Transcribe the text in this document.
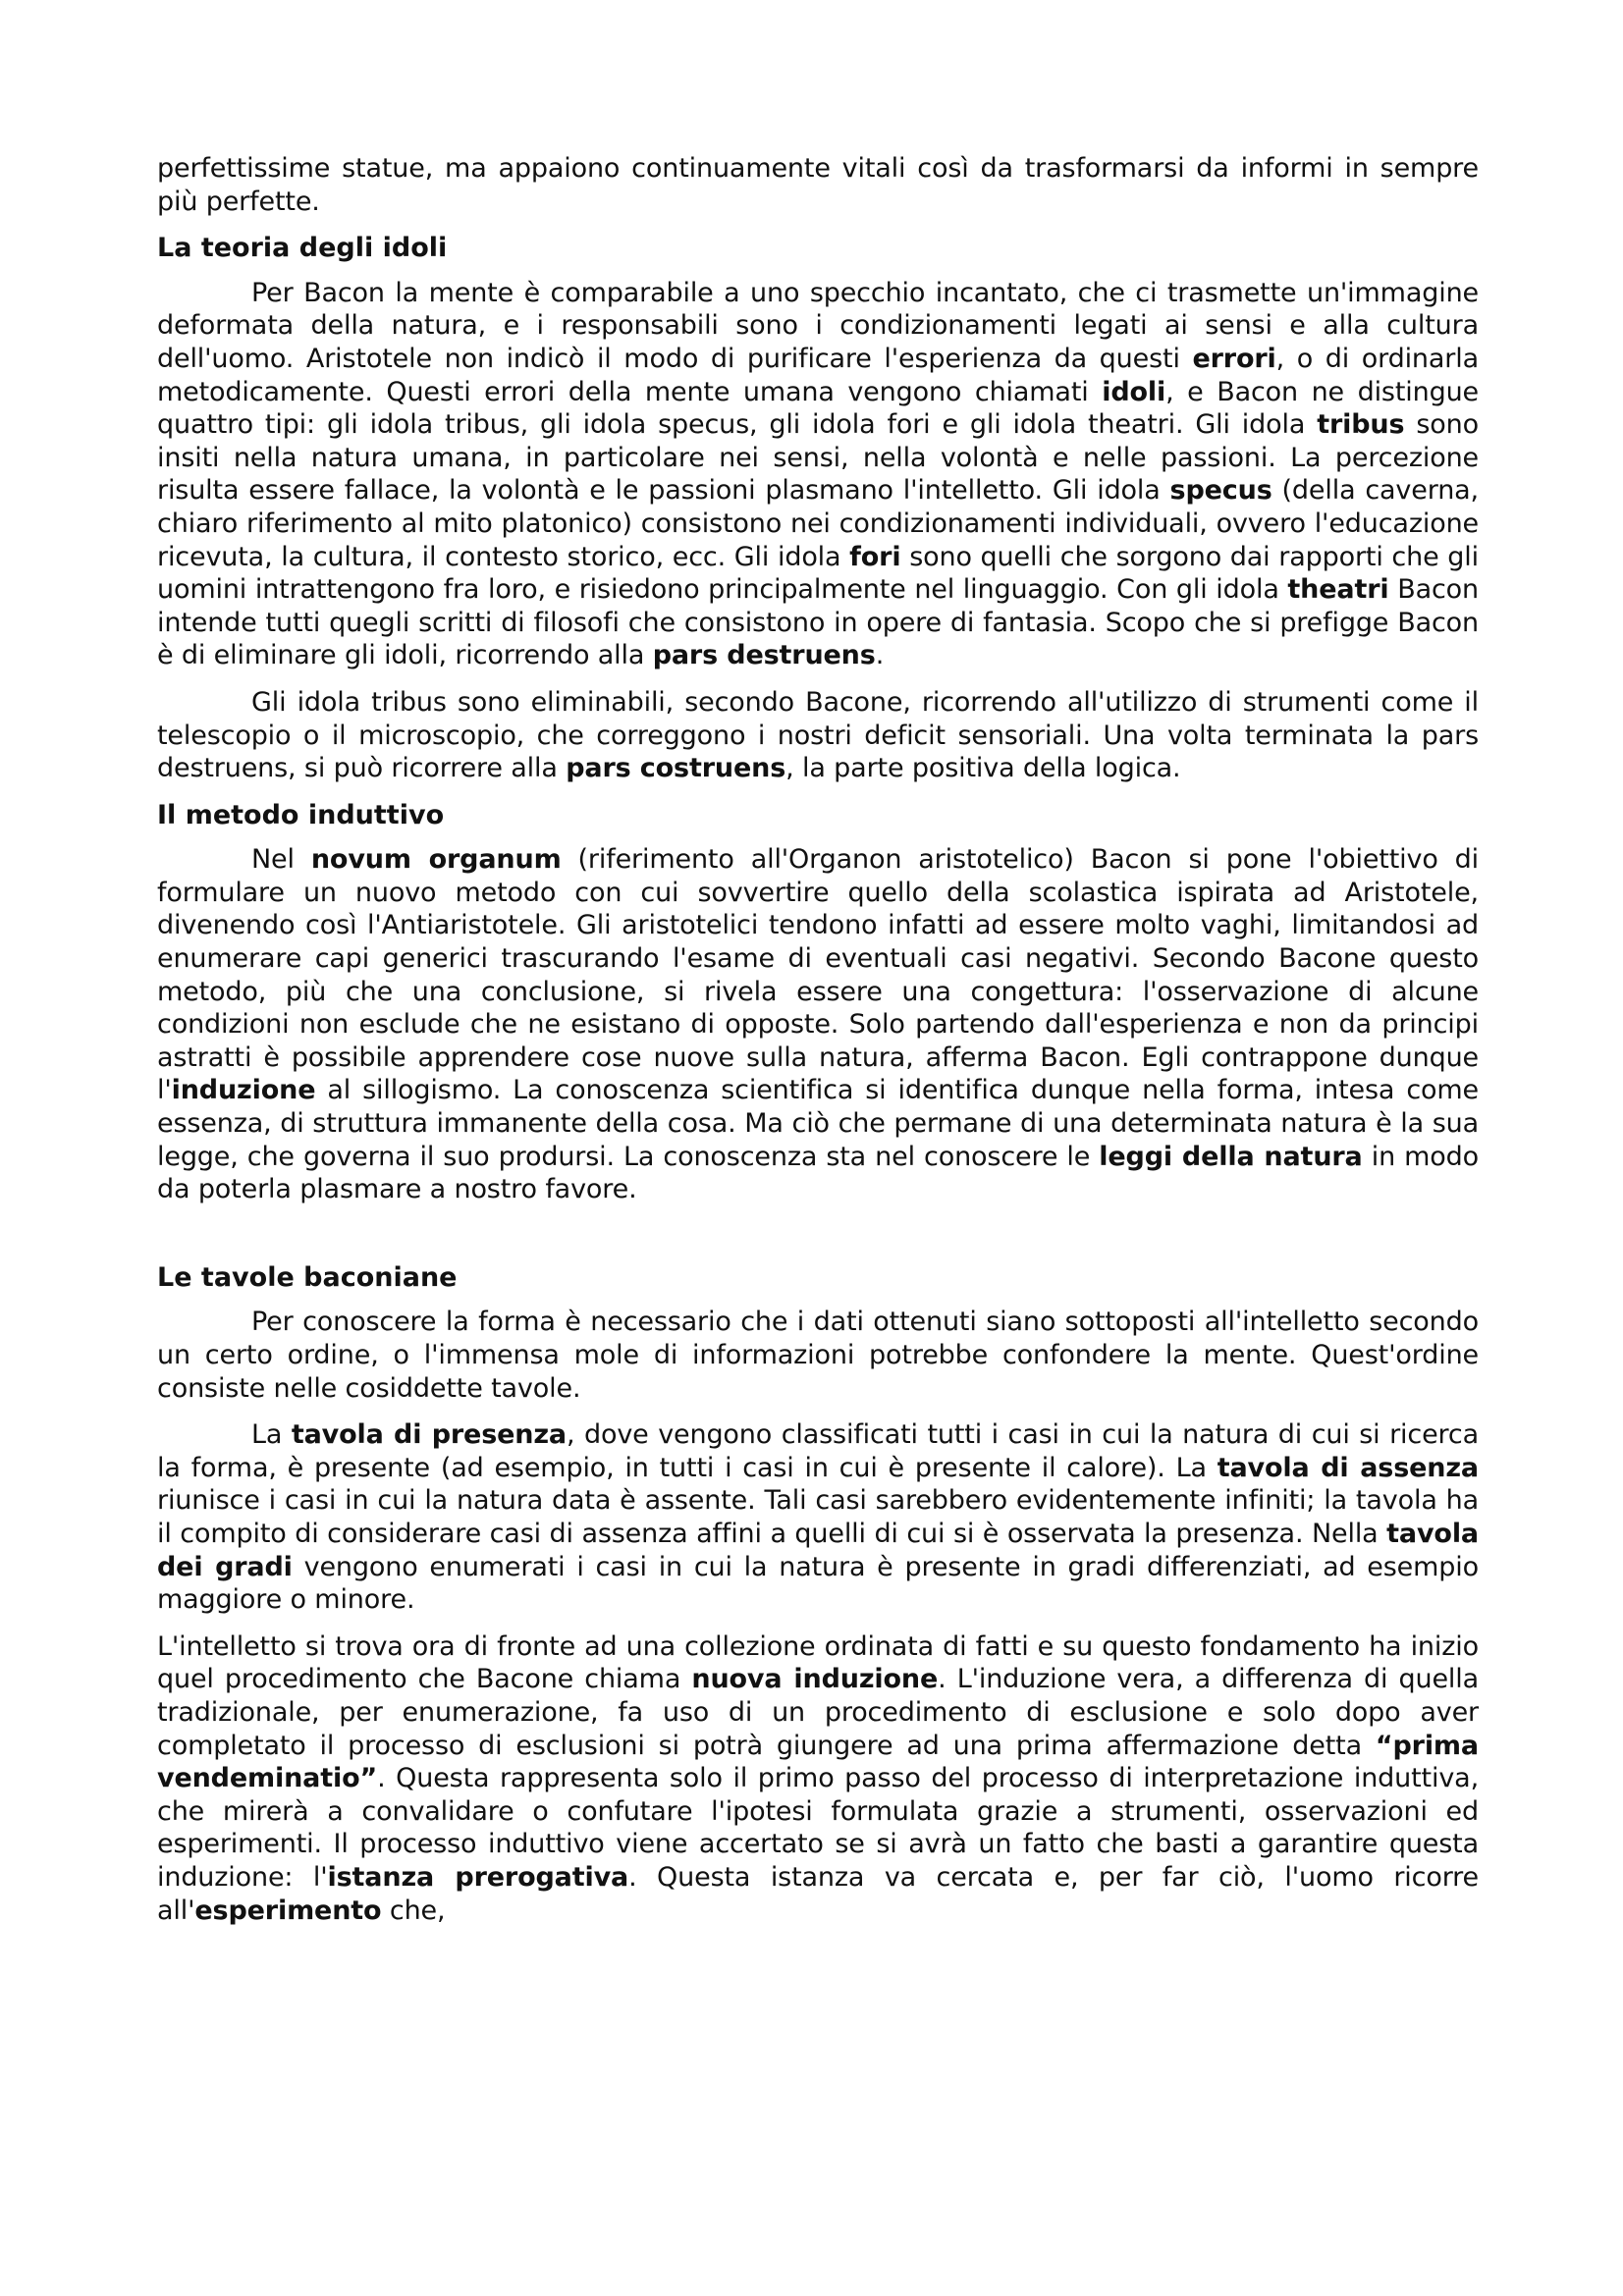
perfettissime statue, ma appaiono continuamente vitali così da trasformarsi da informi in sempre più perfette.

La teoria degli idoli

Per Bacon la mente è comparabile a uno specchio incantato, che ci trasmette un'immagine deformata della natura, e i responsabili sono i condizionamenti legati ai sensi e alla cultura dell'uomo. Aristotele non indicò il modo di purificare l'esperienza da questi errori, o di ordinarla metodicamente. Questi errori della mente umana vengono chiamati idoli, e Bacon ne distingue quattro tipi: gli idola tribus, gli idola specus, gli idola fori e gli idola theatri. Gli idola tribus sono insiti nella natura umana, in particolare nei sensi, nella volontà e nelle passioni. La percezione risulta essere fallace, la volontà e le passioni plasmano l'intelletto. Gli idola specus (della caverna, chiaro riferimento al mito platonico) consistono nei condizionamenti individuali, ovvero l'educazione ricevuta, la cultura, il contesto storico, ecc. Gli idola fori sono quelli che sorgono dai rapporti che gli uomini intrattengono fra loro, e risiedono principalmente nel linguaggio. Con gli idola theatri Bacon intende tutti quegli scritti di filosofi che consistono in opere di fantasia. Scopo che si prefigge Bacon è di eliminare gli idoli, ricorrendo alla pars destruens.

Gli idola tribus sono eliminabili, secondo Bacone, ricorrendo all'utilizzo di strumenti come il telescopio o il microscopio, che correggono i nostri deficit sensoriali. Una volta terminata la pars destruens, si può ricorrere alla pars costruens, la parte positiva della logica.

Il metodo induttivo

Nel novum organum (riferimento all'Organon aristotelico) Bacon si pone l'obiettivo di formulare un nuovo metodo con cui sovvertire quello della scolastica ispirata ad Aristotele, divenendo così l'Antiaristotele. Gli aristotelici tendono infatti ad essere molto vaghi, limitandosi ad enumerare capi generici trascurando l'esame di eventuali casi negativi. Secondo Bacone questo metodo, più che una conclusione, si rivela essere una congettura: l'osservazione di alcune condizioni non esclude che ne esistano di opposte. Solo partendo dall'esperienza e non da principi astratti è possibile apprendere cose nuove sulla natura, afferma Bacon. Egli contrappone dunque l'induzione al sillogismo. La conoscenza scientifica si identifica dunque nella forma, intesa come essenza, di struttura immanente della cosa. Ma ciò che permane di una determinata natura è la sua legge, che governa il suo prodursi. La conoscenza sta nel conoscere le leggi della natura in modo da poterla plasmare a nostro favore.

Le tavole baconiane

Per conoscere la forma è necessario che i dati ottenuti siano sottoposti all'intelletto secondo un certo ordine, o l'immensa mole di informazioni potrebbe confondere la mente. Quest'ordine consiste nelle cosiddette tavole.

La tavola di presenza, dove vengono classificati tutti i casi in cui la natura di cui si ricerca la forma, è presente (ad esempio, in tutti i casi in cui è presente il calore). La tavola di assenza riunisce i casi in cui la natura data è assente. Tali casi sarebbero evidentemente infiniti; la tavola ha il compito di considerare casi di assenza affini a quelli di cui si è osservata la presenza. Nella tavola dei gradi vengono enumerati i casi in cui la natura è presente in gradi differenziati, ad esempio maggiore o minore.

L'intelletto si trova ora di fronte ad una collezione ordinata di fatti e su questo fondamento ha inizio quel procedimento che Bacone chiama nuova induzione. L'induzione vera, a differenza di quella tradizionale, per enumerazione, fa uso di un procedimento di esclusione e solo dopo aver completato il processo di esclusioni si potrà giungere ad una prima affermazione detta “prima vendeminatio”. Questa rappresenta solo il primo passo del processo di interpretazione induttiva, che mirerà a convalidare o confutare l'ipotesi formulata grazie a strumenti, osservazioni ed esperimenti. Il processo induttivo viene accertato se si avrà un fatto che basti a garantire questa induzione: l'istanza prerogativa. Questa istanza va cercata e, per far ciò, l'uomo ricorre all'esperimento che,
